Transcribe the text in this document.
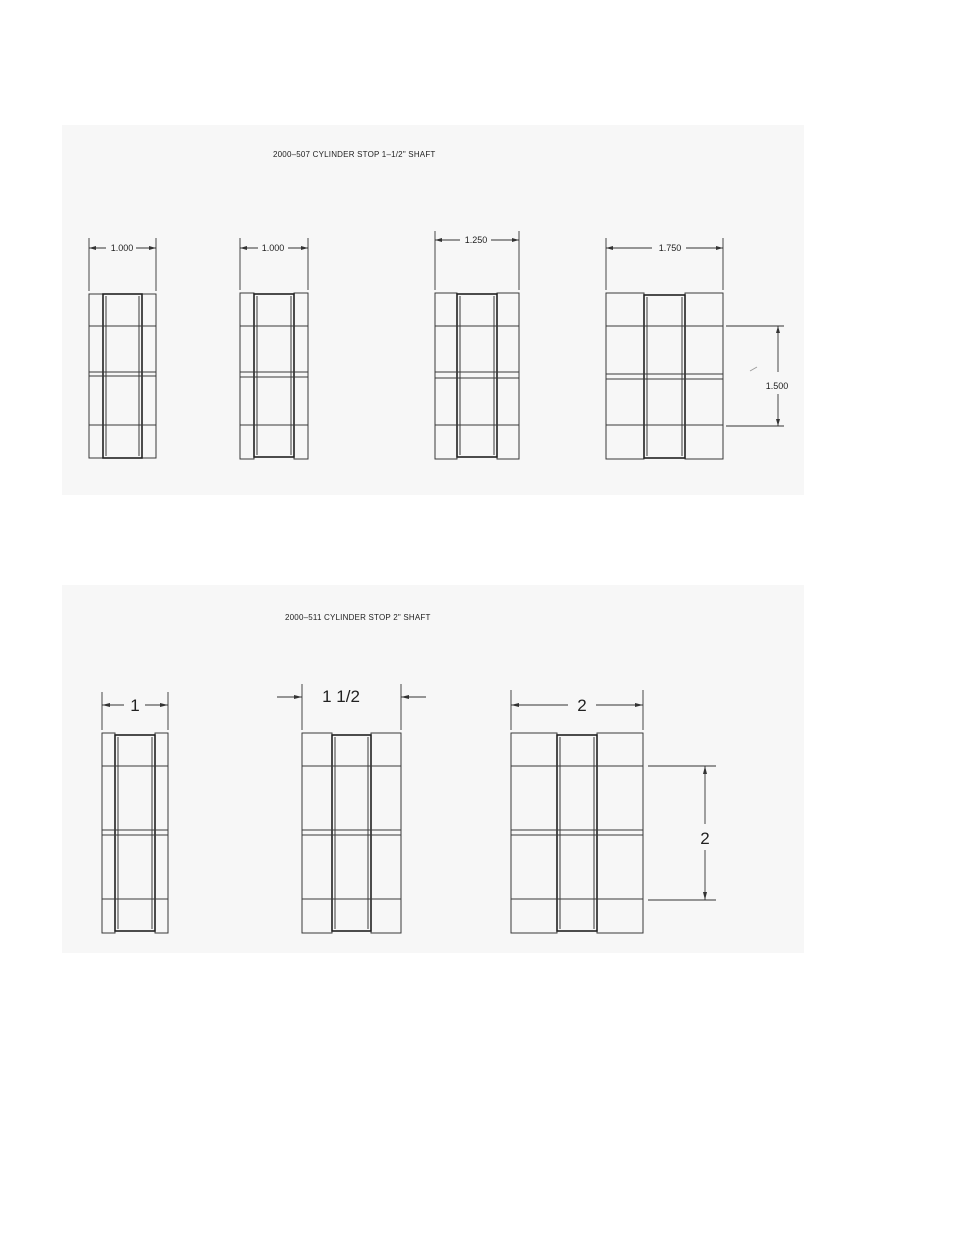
2000–507 CYLINDER STOP 1–1/2" SHAFT
1.000	1.000
1.250
1.750
1.500
2000–511 CYLINDER STOP 2" SHAFT
1	1 1/2	2
2
